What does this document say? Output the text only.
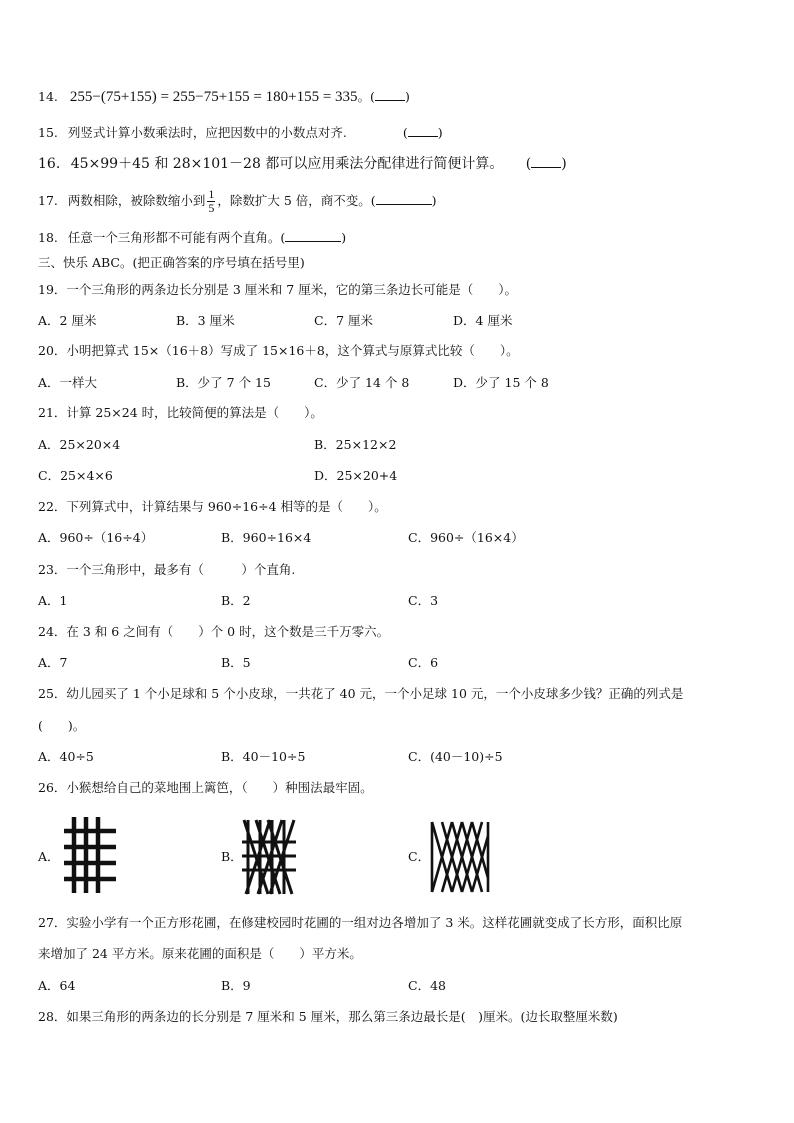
14. 255−(75+155) = 255−75+155 = 180+155 = 335。( )
15. 列竖式计算小数乘法时，应把因数中的小数点对齐.	( )
16. 45×99＋45 和 28×101－28 都可以应用乘法分配律进行简便计算。 ( )
17. 两数相除，被除数缩小到 $\frac{1}{5}$ ，除数扩大 5 倍，商不变。(	)
18. 任意一个三角形都不可能有两个直角。(	)
三、快乐 ABC。(把正确答案的序号填在括号里)
19．一个三角形的两条边长分别是 3 厘米和 7 厘米，它的第三条边长可能是（　　）。
A．2 厘米	B．3 厘米	C．7 厘米	D．4 厘米
20．小明把算式 15×（16＋8）写成了 15×16＋8，这个算式与原算式比较（　　）。
A．一样大	B．少了 7 个 15	C．少了 14 个 8	D．少了 15 个 8
21．计算 25×24 时，比较简便的算法是（　　）。
A．25×20×4	B．25×12×2
C．25×4×6	D．25×20+4
22．下列算式中，计算结果与 960÷16÷4 相等的是（　　）。
A．960÷（16÷4）	B．960÷16×4	C．960÷（16×4）
23．一个三角形中，最多有（　　　）个直角.
A．1	B．2	C．3
24．在 3 和 6 之间有（　　）个 0 时，这个数是三千万零六。
A．7	B．5	C．6
25．幼儿园买了 1 个小足球和 5 个小皮球，一共花了 40 元，一个小足球 10 元，一个小皮球多少钱？正确的列式是
(　　)。
A．40÷5	B．40－10÷5	C．(40－10)÷5
26．小猴想给自己的菜地围上篱笆，（　　）种围法最牢固。
A．	B．	C．
27．实验小学有一个正方形花圃，在修建校园时花圃的一组对边各增加了 3 米。这样花圃就变成了长方形，面积比原
来增加了 24 平方米。原来花圃的面积是（　　）平方米。
A．64	B．9	C．48
28．如果三角形的两条边的长分别是 7 厘米和 5 厘米，那么第三条边最长是(　)厘米。(边长取整厘米数)
